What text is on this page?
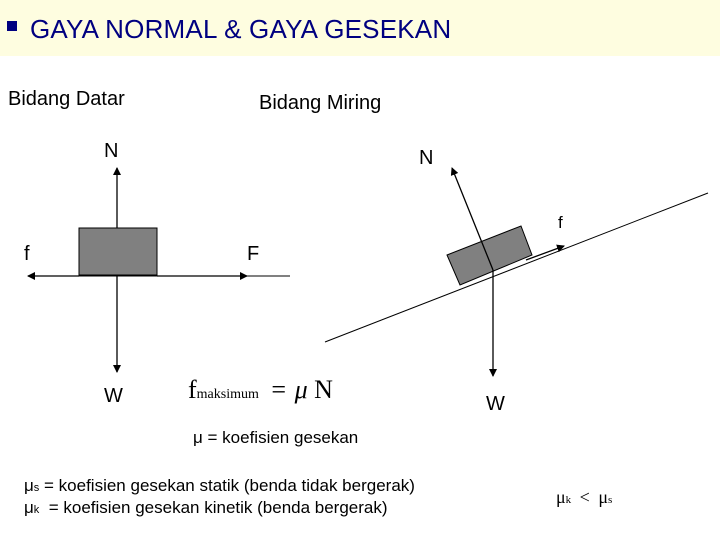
GAYA NORMAL & GAYA GESEKAN
Bidang Datar
N
f	F
W
Bidang Miring
N
f
W
fmaksimum = μ N
μ = koefisien gesekan
μs = koefisien gesekan statik (benda tidak bergerak)
μk  = koefisien gesekan kinetik (benda bergerak)
μk < μs
